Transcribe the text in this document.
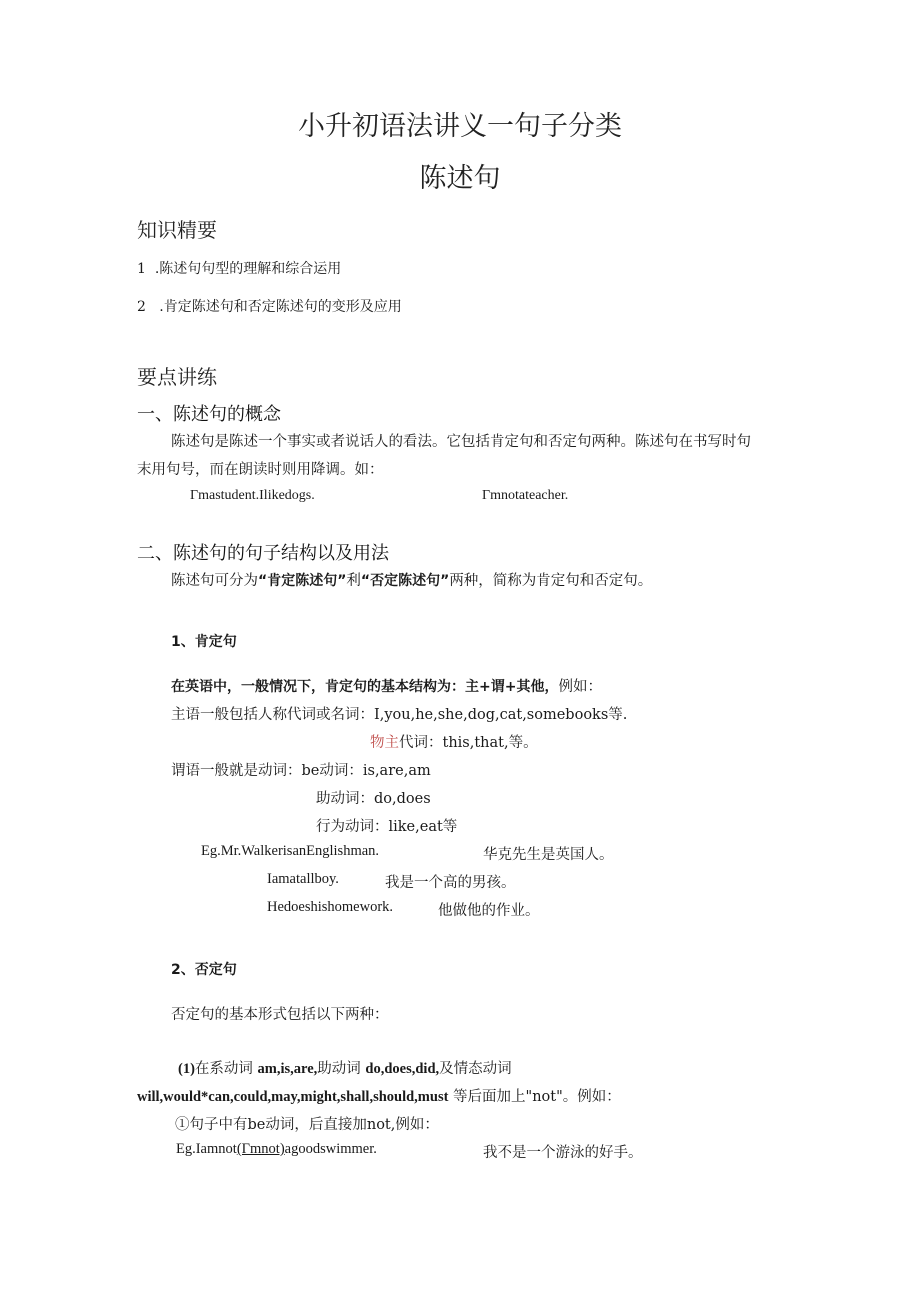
小升初语法讲义一句子分类
陈述句
知识精要
1 .陈述句句型的理解和综合运用
2 .肯定陈述句和否定陈述句的变形及应用
要点讲练
一、陈述句的概念
陈述句是陈述一个事实或者说话人的看法。它包括肯定句和否定句两种。陈述句在书写时句
末用句号，而在朗读时则用降调。如：
Γmastudent.Ilikedogs.	Γmnotateacher.
二、陈述句的句子结构以及用法
陈述句可分为“肯定陈述句”利“否定陈述句”两种，简称为肯定句和否定句。
1、肯定句
在英语中，一般情况下，肯定句的基本结构为：主+谓+其他，例如：
主语一般包括人称代词或名词：I,you,he,she,dog,cat,somebooks等.
物主代词：this,that,等。
谓语一般就是动词：be动词：is,are,am
助动词：do,does
行为动词：like,eat等
Eg.Mr.WalkerisanEnglishman.	华克先生是英国人。
Iamatallboy.	我是一个高的男孩。
Hedoeshishomework.	他做他的作业。
2、否定句
否定句的基本形式包括以下两种：
(1)在系动词 am,is,are,助动词 do,does,did,及情态动词
will,would*can,could,may,might,shall,should,must 等后面加上"not"。例如：
①句子中有be动词，后直接加not,例如：
Eg.Iamnot(Γmnot)agoodswimmer.	我不是一个游泳的好手。
